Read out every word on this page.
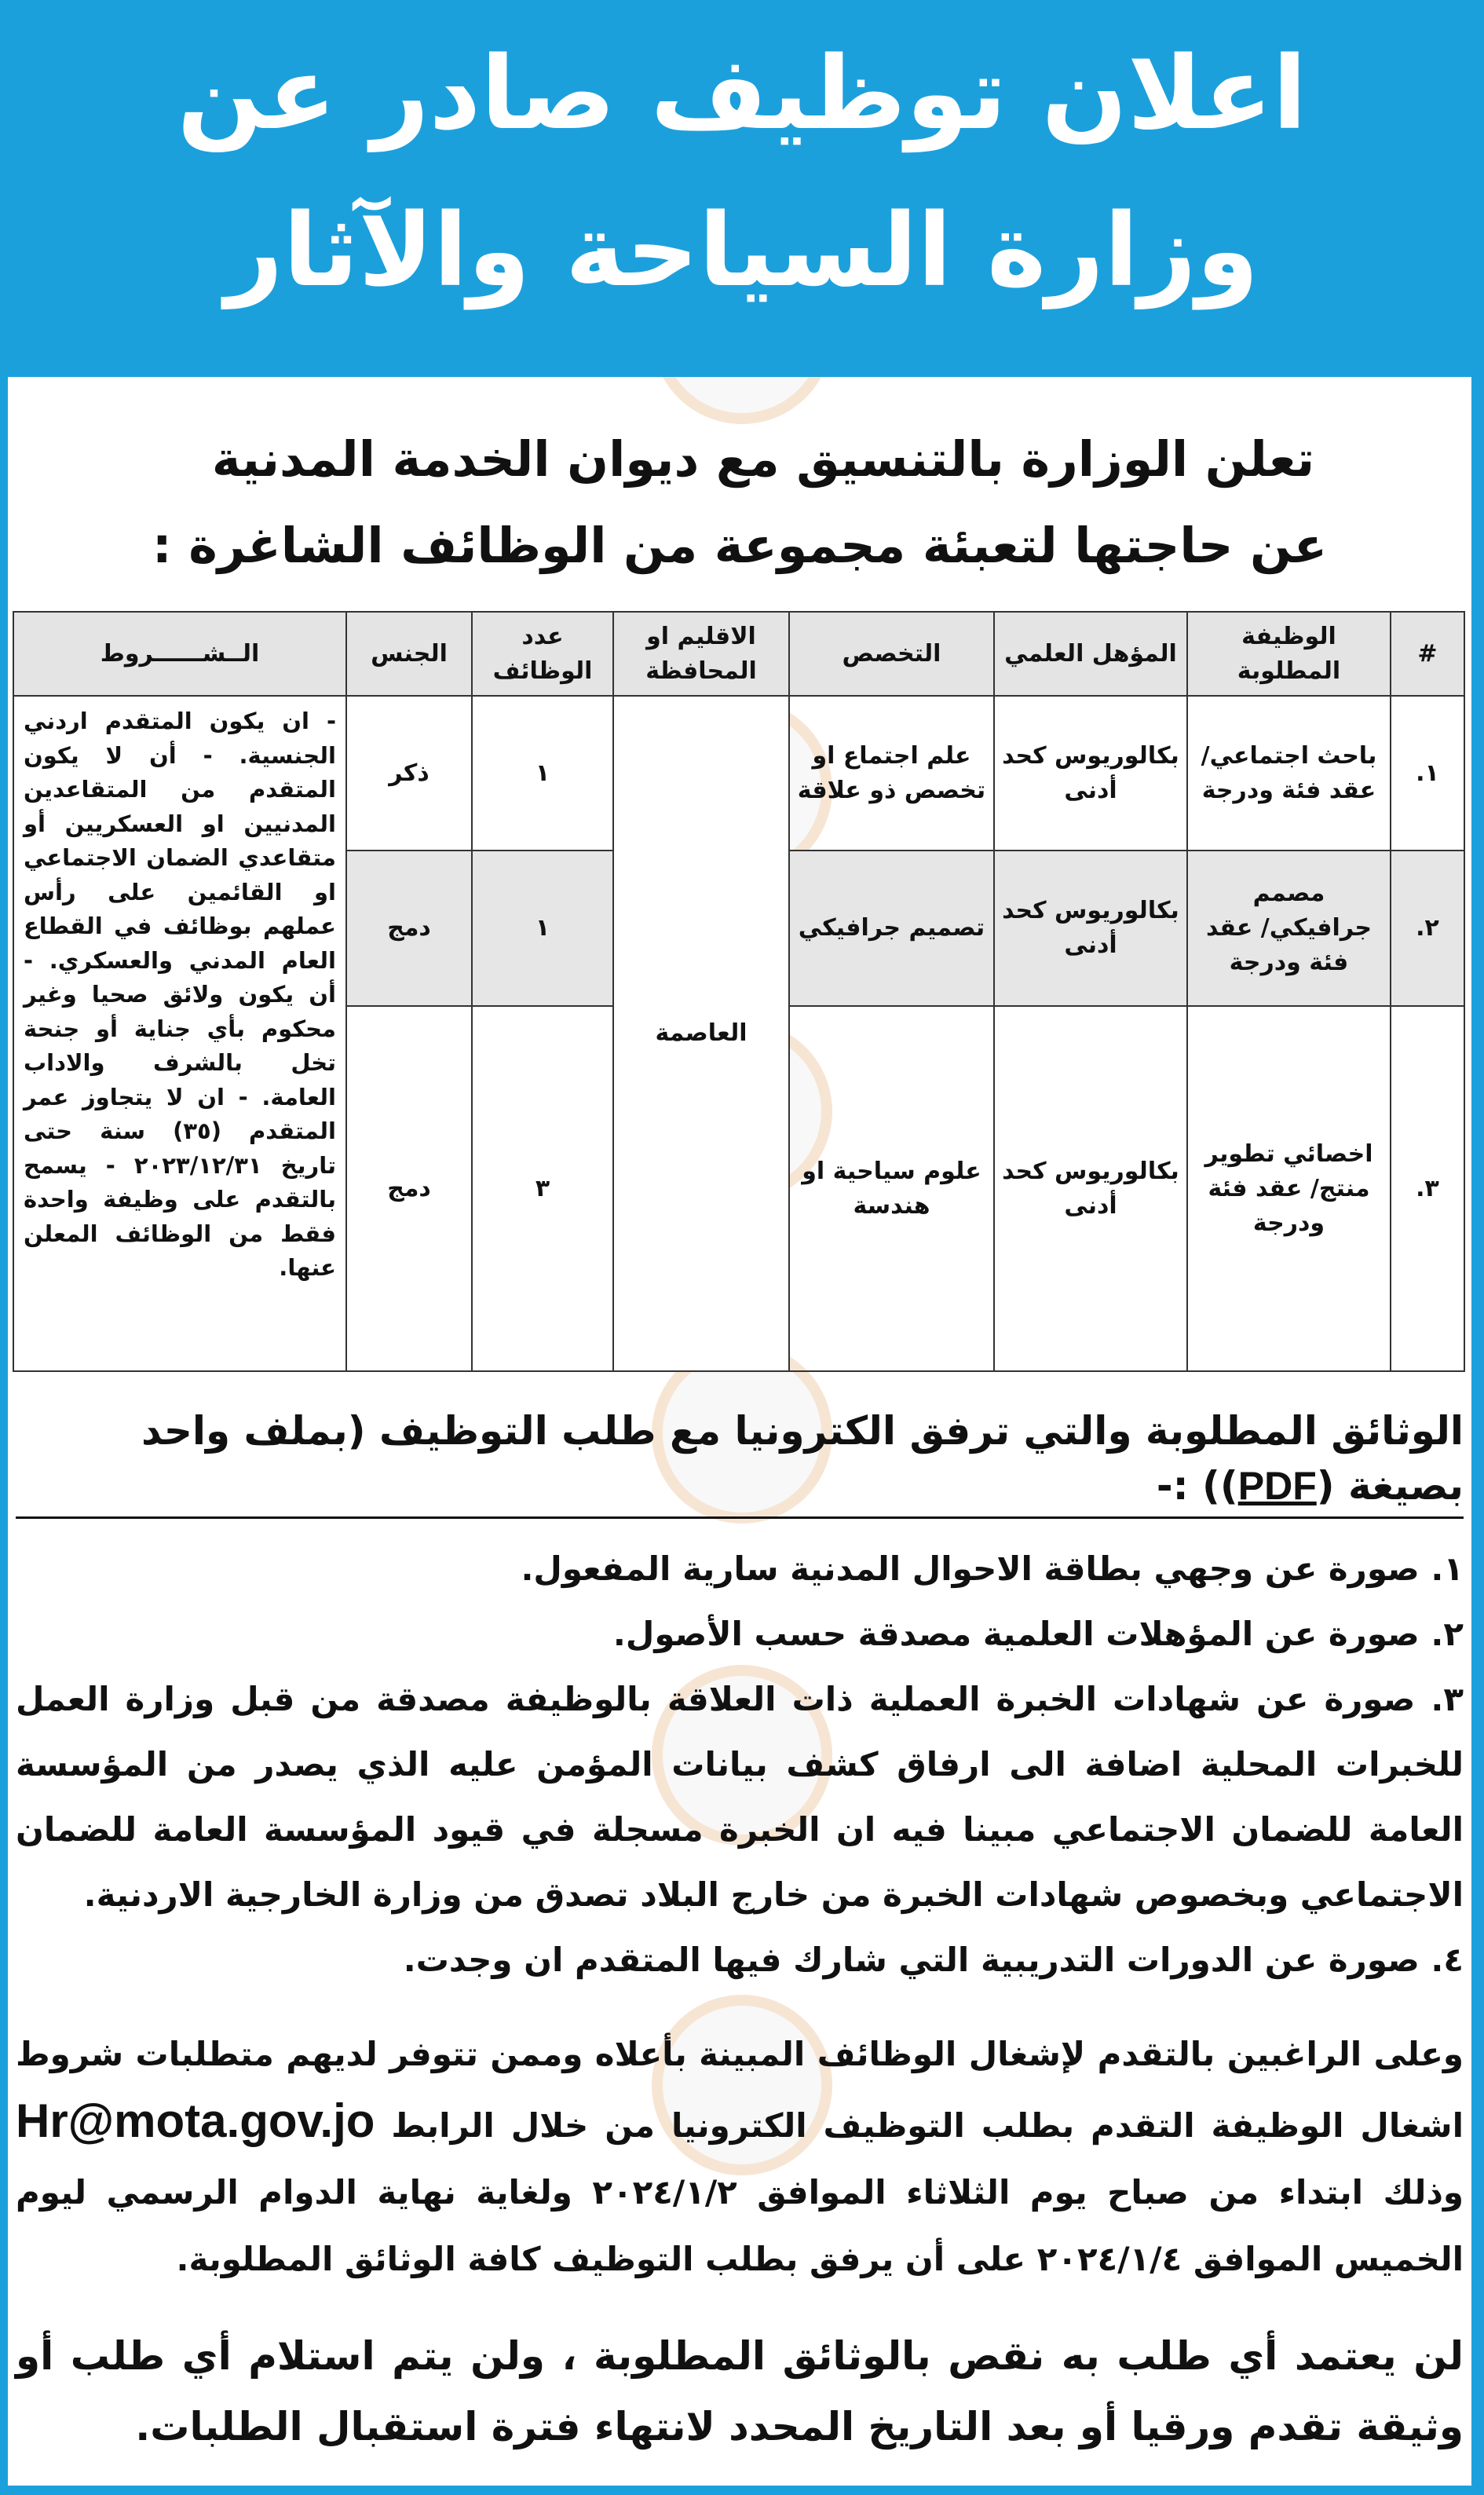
اعلان توظيف صادر عن
وزارة السياحة والآثار
تعلن الوزارة بالتنسيق مع ديوان الخدمة المدنية
عن حاجتها لتعبئة مجموعة من الوظائف الشاغرة :
#	الوظيفة المطلوبة	المؤهل العلمي	التخصص	الاقليم او المحافظة	عدد الوظائف	الجنس	الــشــــــروط
١.	باحث اجتماعي/ عقد فئة ودرجة	بكالوريوس كحد أدنى	علم اجتماع او تخصص ذو علاقة	العاصمة	١	ذكر	- ان يكون المتقدم اردني الجنسية. - أن لا يكون المتقدم من المتقاعدين المدنيين او العسكريين أو متقاعدي الضمان الاجتماعي او القائمين على رأس عملهم بوظائف في القطاع العام المدني والعسكري. - أن يكون ولائق صحيا وغير محكوم بأي جناية أو جنحة تخل بالشرف والاداب العامة. - ان لا يتجاوز عمر المتقدم (٣٥) سنة حتى تاريخ ٢٠٢٣/١٢/٣١ - يسمح بالتقدم على وظيفة واحدة فقط من الوظائف المعلن عنها.
٢.	مصمم جرافيكي/ عقد فئة ودرجة	بكالوريوس كحد أدنى	تصميم جرافيكي		١	دمج	
٣.	اخصائي تطوير منتج/ عقد فئة ودرجة	بكالوريوس كحد أدنى	علوم سياحية او هندسة		٣	دمج	
الوثائق المطلوبة والتي ترفق الكترونيا مع طلب التوظيف (بملف واحد بصيغة (PDF)) :-

١. صورة عن وجهي بطاقة الاحوال المدنية سارية المفعول.

٢. صورة عن المؤهلات العلمية مصدقة حسب الأصول.

٣. صورة عن شهادات الخبرة العملية ذات العلاقة بالوظيفة مصدقة من قبل وزارة العمل للخبرات المحلية اضافة الى ارفاق كشف بيانات المؤمن عليه الذي يصدر من المؤسسة العامة للضمان الاجتماعي مبينا فيه ان الخبرة مسجلة في قيود المؤسسة العامة للضمان الاجتماعي وبخصوص شهادات الخبرة من خارج البلاد تصدق من وزارة الخارجية الاردنية.

٤. صورة عن الدورات التدريبية التي شارك فيها المتقدم ان وجدت.

وعلى الراغبين بالتقدم لإشغال الوظائف المبينة بأعلاه وممن تتوفر لديهم متطلبات شروط اشغال الوظيفة التقدم بطلب التوظيف الكترونيا من خلال الرابط Hr@mota.gov.jo وذلك ابتداء من صباح يوم الثلاثاء الموافق ٢٠٢٤/١/٢ ولغاية نهاية الدوام الرسمي ليوم الخميس الموافق ٢٠٢٤/١/٤ على أن يرفق بطلب التوظيف كافة الوثائق المطلوبة.
لن يعتمد أي طلب به نقص بالوثائق المطلوبة ، ولن يتم استلام أي طلب أو وثيقة تقدم ورقيا أو بعد التاريخ المحدد لانتهاء فترة استقبال الطلبات.
